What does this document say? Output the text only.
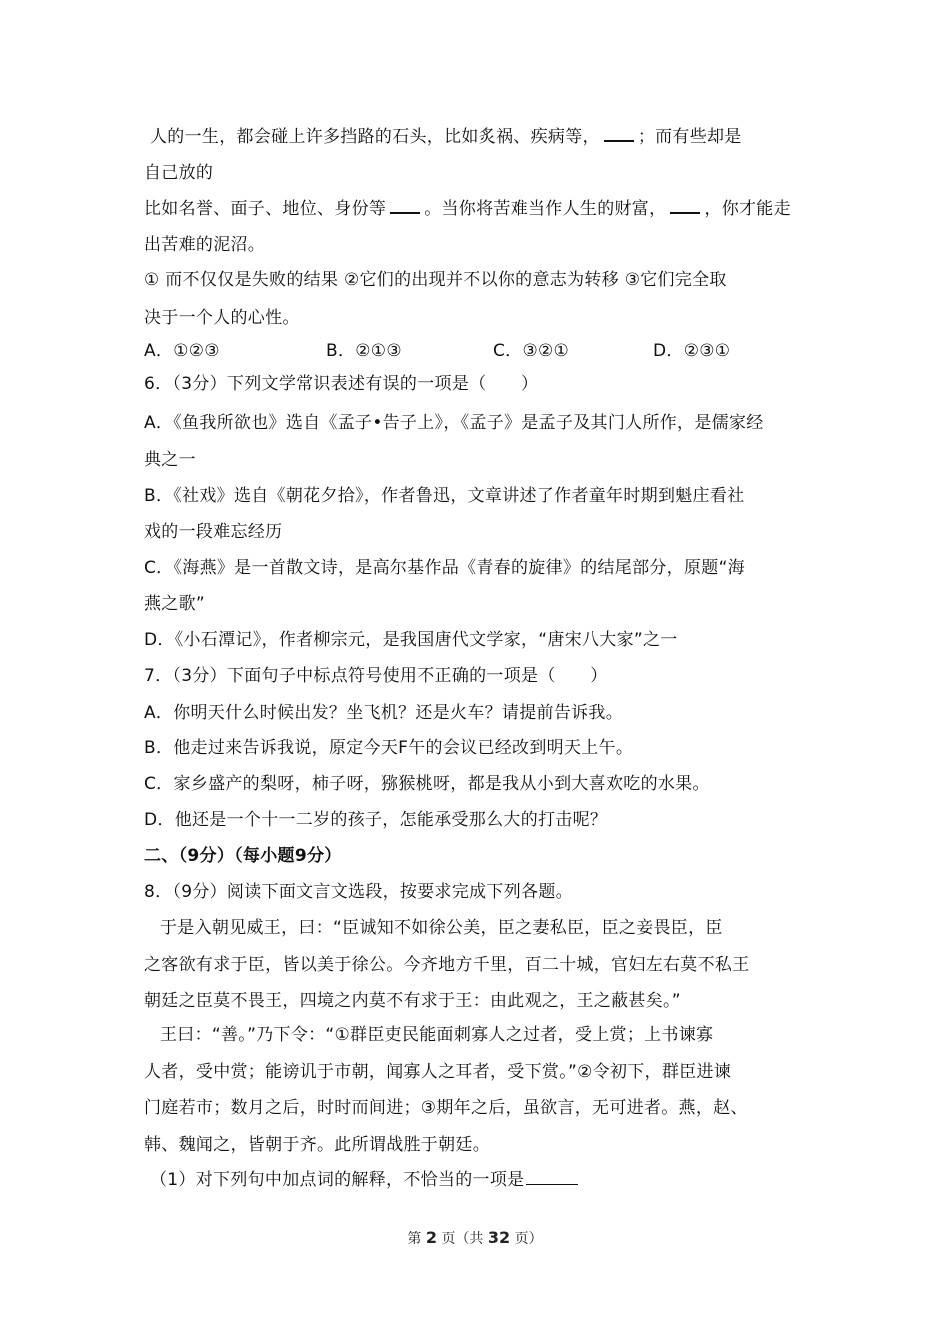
人的一生，都会碰上许多挡路的石头，比如炙祸、疾病等， ；而有些却是
自己放的
比如名誉、面子、地位、身份等 。当你将苦难当作人生的财富， ，你才能走
出苦难的泥沼。
① 而不仅仅是失败的结果 ②它们的出现并不以你的意志为转移 ③它们完全取
决于一个人的心性。
A．①②③	B．②①③	C．③②①	D．②③①
6．（3分）下列文学常识表述有误的一项是（　　）
A．《鱼我所欲也》选自《孟子•告子上》，《孟子》是孟子及其门人所作，是儒家经
典之一
B．《社戏》选自《朝花夕拾》，作者鲁迅，文章讲述了作者童年时期到魁庄看社
戏的一段难忘经历
C．《海燕》是一首散文诗，是高尔基作品《青春的旋律》的结尾部分，原题“海
燕之歌”
D．《小石潭记》，作者柳宗元，是我国唐代文学家，“唐宋八大家”之一
7．（3分）下面句子中标点符号使用不正确的一项是（　　）
A．你明天什么时候出发？坐飞机？还是火车？请提前告诉我。
B．他走过来告诉我说，原定今天F午的会议已经改到明天上午。
C．家乡盛产的梨呀，柿子呀，猕猴桃呀，都是我从小到大喜欢吃的水果。
D．他还是一个十一二岁的孩子，怎能承受那么大的打击呢？
二、（9分）（每小题9分）
8．（9分）阅读下面文言文选段，按要求完成下列各题。
于是入朝见威王，曰：“臣诚知不如徐公美，臣之妻私臣，臣之妾畏臣，臣
之客欲有求于臣，皆以美于徐公。今齐地方千里，百二十城，官妇左右莫不私王
朝廷之臣莫不畏王，四境之内莫不有求于王：由此观之，王之蔽甚矣。”
王曰：“善。”乃下令：“①群臣吏民能面刺寡人之过者，受上赏；上书谏寡
人者，受中赏；能谤讥于市朝，闻寡人之耳者，受下赏。”②令初下，群臣进谏
门庭若市；数月之后，时时而间进；③期年之后，虽欲言，无可进者。燕，赵、
韩、魏闻之，皆朝于齐。此所谓战胜于朝廷。
（1）对下列句中加点词的解释，不恰当的一项是
第 2 页（共 32 页）
